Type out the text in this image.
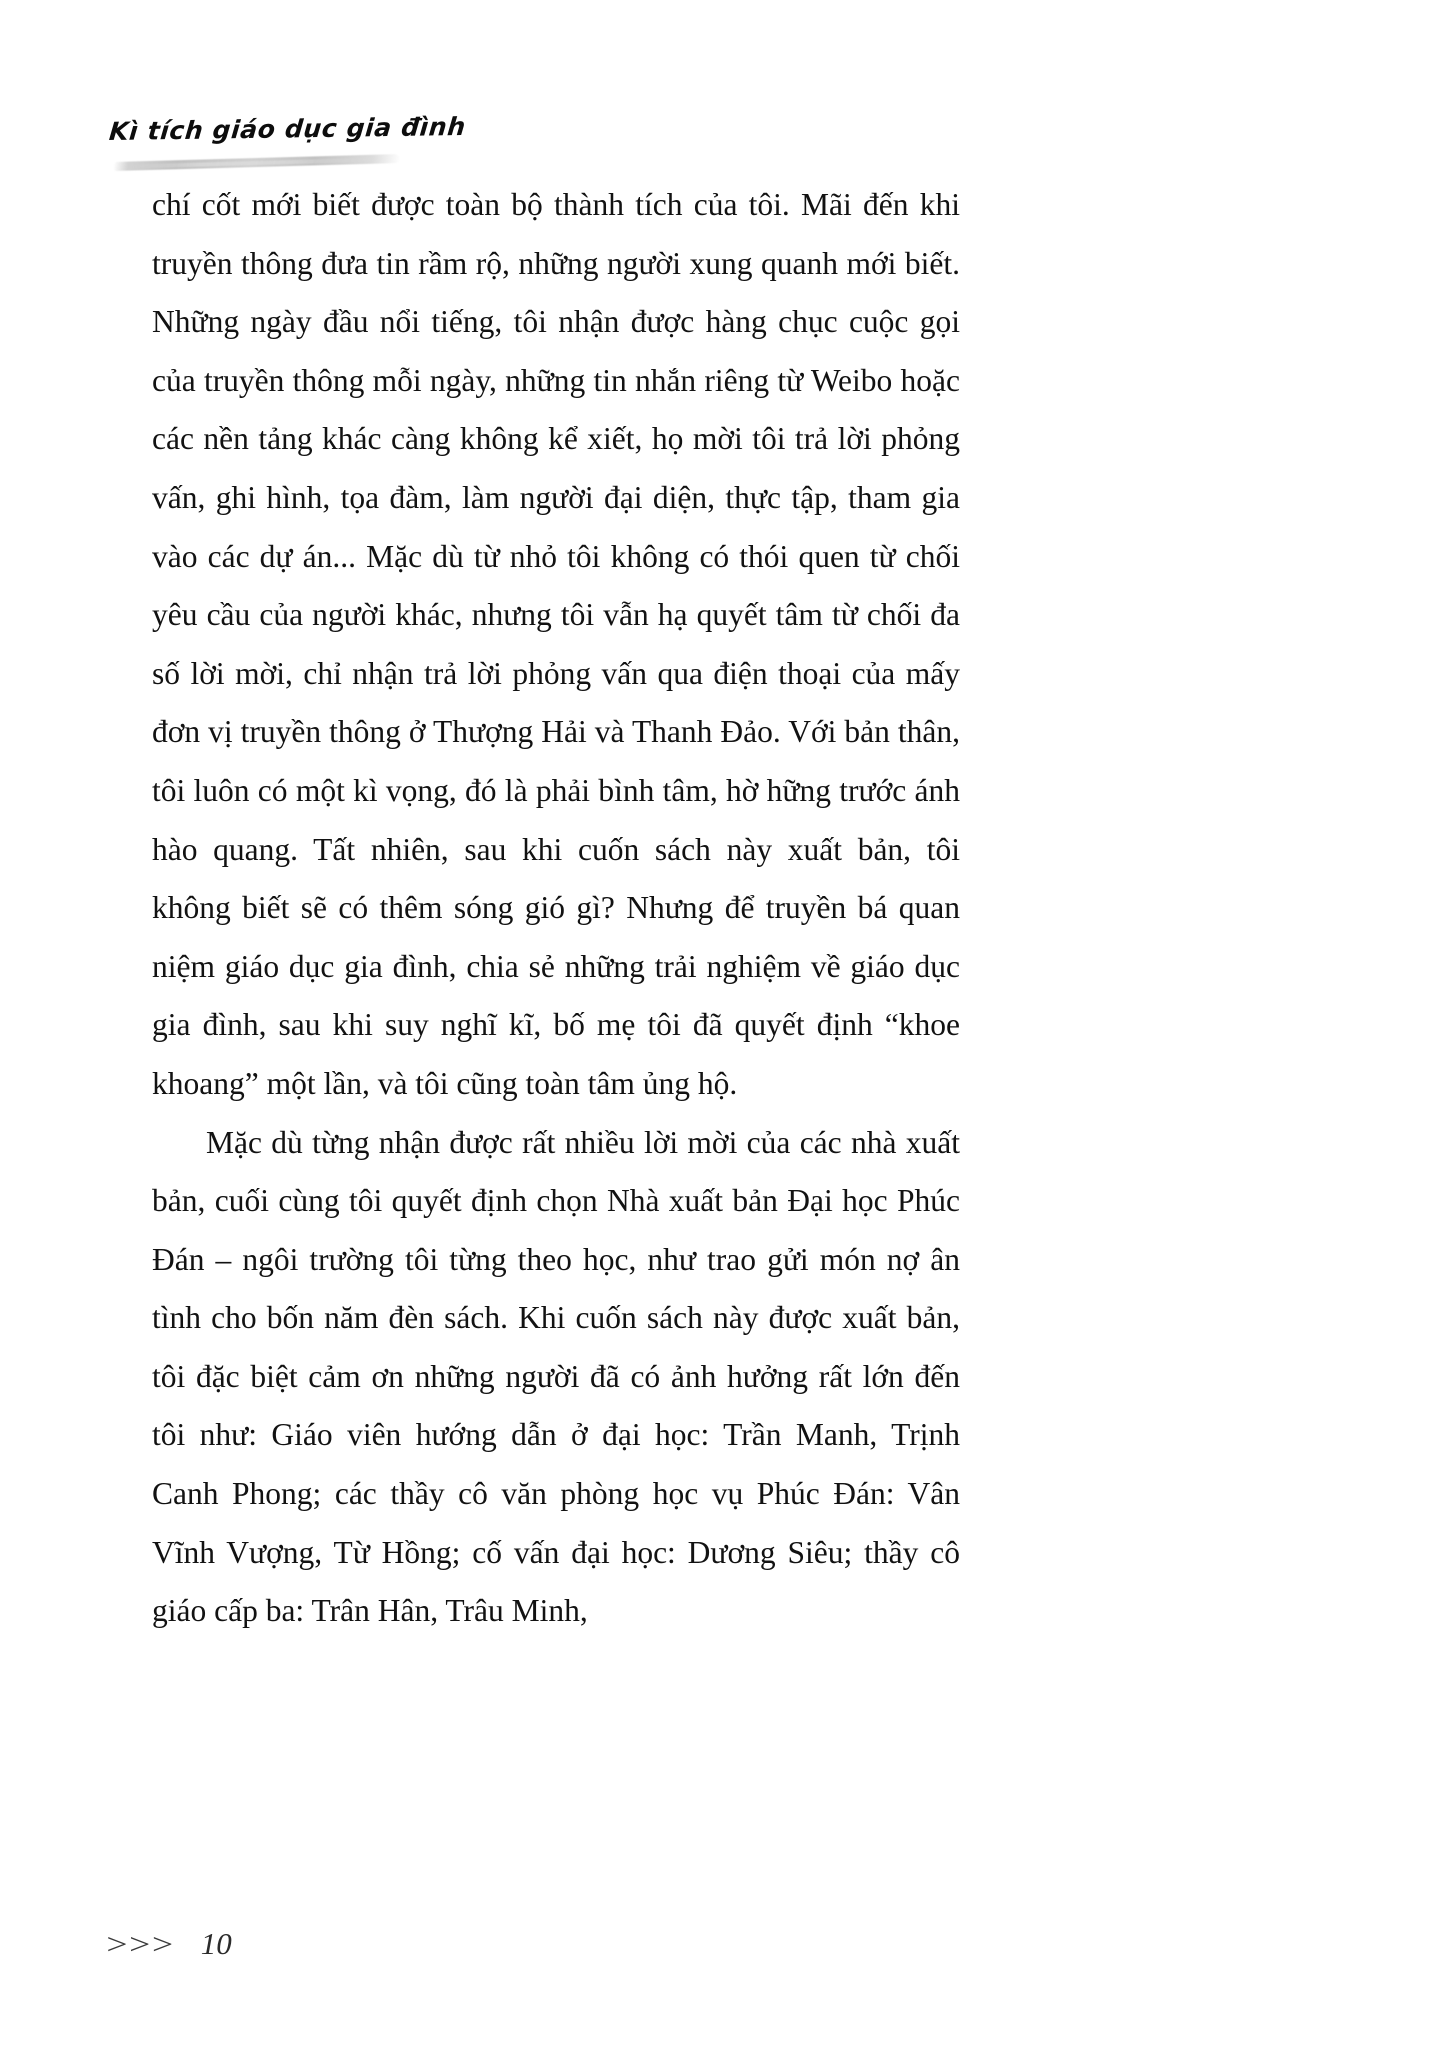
Kì tích giáo dục gia đình

chí cốt mới biết được toàn bộ thành tích của tôi. Mãi đến khi truyền thông đưa tin rầm rộ, những người xung quanh mới biết. Những ngày đầu nổi tiếng, tôi nhận được hàng chục cuộc gọi của truyền thông mỗi ngày, những tin nhắn riêng từ Weibo hoặc các nền tảng khác càng không kể xiết, họ mời tôi trả lời phỏng vấn, ghi hình, tọa đàm, làm người đại diện, thực tập, tham gia vào các dự án... Mặc dù từ nhỏ tôi không có thói quen từ chối yêu cầu của người khác, nhưng tôi vẫn hạ quyết tâm từ chối đa số lời mời, chỉ nhận trả lời phỏng vấn qua điện thoại của mấy đơn vị truyền thông ở Thượng Hải và Thanh Đảo. Với bản thân, tôi luôn có một kì vọng, đó là phải bình tâm, hờ hững trước ánh hào quang. Tất nhiên, sau khi cuốn sách này xuất bản, tôi không biết sẽ có thêm sóng gió gì? Nhưng để truyền bá quan niệm giáo dục gia đình, chia sẻ những trải nghiệm về giáo dục gia đình, sau khi suy nghĩ kĩ, bố mẹ tôi đã quyết định “khoe khoang” một lần, và tôi cũng toàn tâm ủng hộ.

Mặc dù từng nhận được rất nhiều lời mời của các nhà xuất bản, cuối cùng tôi quyết định chọn Nhà xuất bản Đại học Phúc Đán – ngôi trường tôi từng theo học, như trao gửi món nợ ân tình cho bốn năm đèn sách. Khi cuốn sách này được xuất bản, tôi đặc biệt cảm ơn những người đã có ảnh hưởng rất lớn đến tôi như: Giáo viên hướng dẫn ở đại học: Trần Manh, Trịnh Canh Phong; các thầy cô văn phòng học vụ Phúc Đán: Vân Vĩnh Vượng, Từ Hồng; cố vấn đại học: Dương Siêu; thầy cô giáo cấp ba: Trân Hân, Trâu Minh,

>>> 10
